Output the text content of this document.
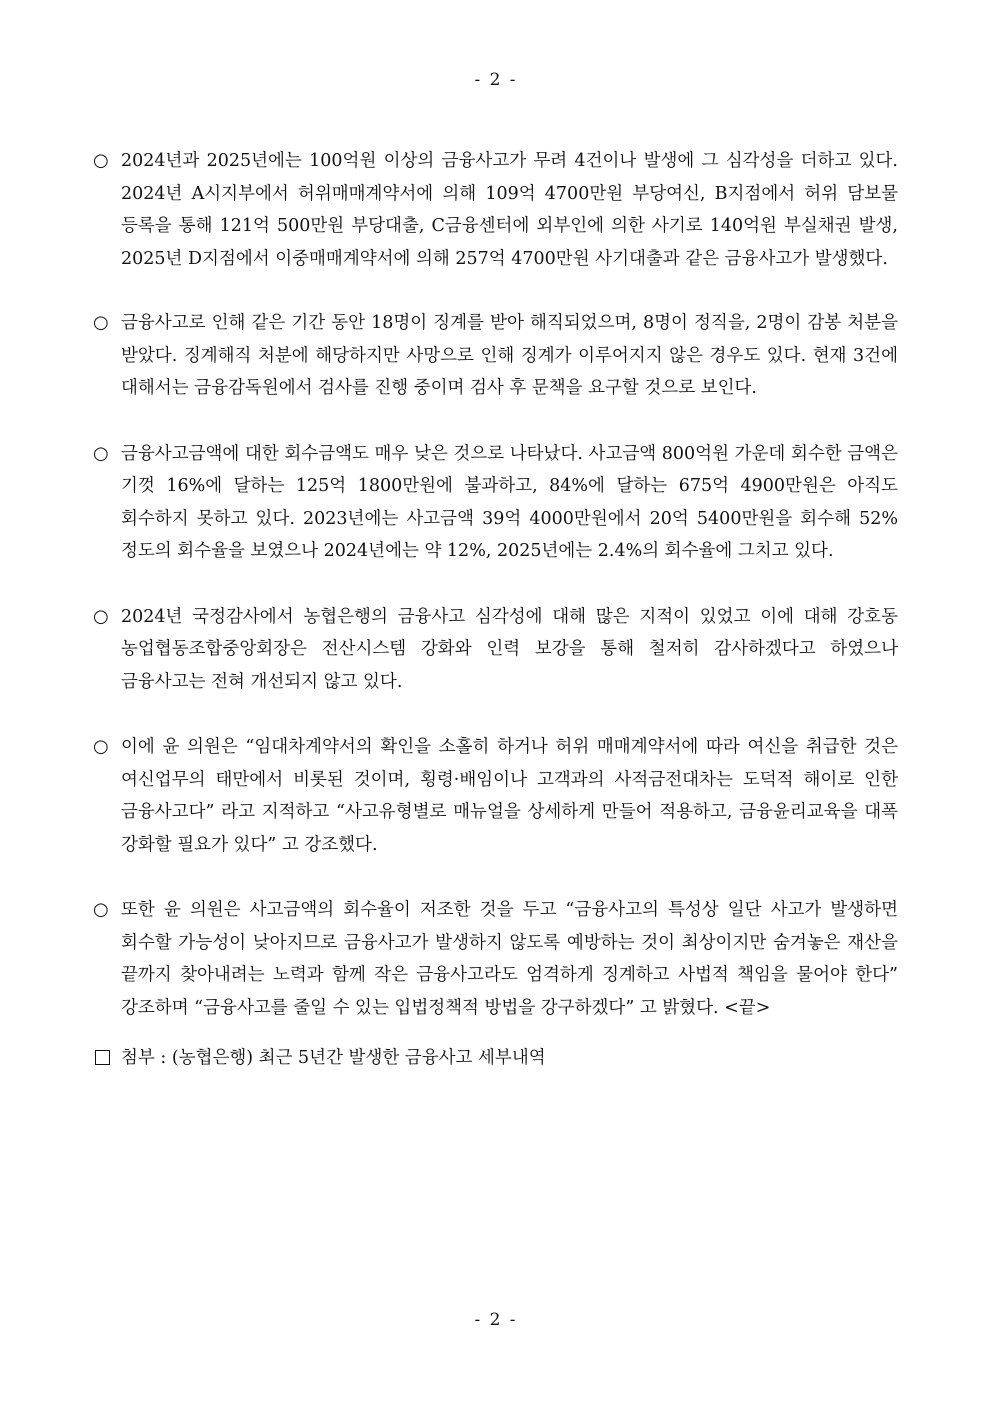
- 2 -

○ 2024년과 2025년에는 100억원 이상의 금융사고가 무려 4건이나 발생에 그 심각성을 더하고 있다. 2024년 A시지부에서 허위매매계약서에 의해 109억 4700만원 부당여신, B지점에서 허위 담보물 등록을 통해 121억 500만원 부당대출, C금융센터에 외부인에 의한 사기로 140억원 부실채권 발생, 2025년 D지점에서 이중매매계약서에 의해 257억 4700만원 사기대출과 같은 금융사고가 발생했다.

○ 금융사고로 인해 같은 기간 동안 18명이 징계를 받아 해직되었으며, 8명이 정직을, 2명이 감봉 처분을 받았다. 징계해직 처분에 해당하지만 사망으로 인해 징계가 이루어지지 않은 경우도 있다. 현재 3건에 대해서는 금융감독원에서 검사를 진행 중이며 검사 후 문책을 요구할 것으로 보인다.

○ 금융사고금액에 대한 회수금액도 매우 낮은 것으로 나타났다. 사고금액 800억원 가운데 회수한 금액은 기껏 16%에 달하는 125억 1800만원에 불과하고, 84%에 달하는 675억 4900만원은 아직도 회수하지 못하고 있다. 2023년에는 사고금액 39억 4000만원에서 20억 5400만원을 회수해 52% 정도의 회수율을 보였으나 2024년에는 약 12%, 2025년에는 2.4%의 회수율에 그치고 있다.

○ 2024년 국정감사에서 농협은행의 금융사고 심각성에 대해 많은 지적이 있었고 이에 대해 강호동 농업협동조합중앙회장은 전산시스템 강화와 인력 보강을 통해 철저히 감사하겠다고 하였으나 금융사고는 전혀 개선되지 않고 있다.

○ 이에 윤 의원은 “임대차계약서의 확인을 소홀히 하거나 허위 매매계약서에 따라 여신을 취급한 것은 여신업무의 태만에서 비롯된 것이며, 횡령·배임이나 고객과의 사적금전대차는 도덕적 해이로 인한 금융사고다” 라고 지적하고 “사고유형별로 매뉴얼을 상세하게 만들어 적용하고, 금융윤리교육을 대폭 강화할 필요가 있다” 고 강조했다.

○ 또한 윤 의원은 사고금액의 회수율이 저조한 것을 두고 “금융사고의 특성상 일단 사고가 발생하면 회수할 가능성이 낮아지므로 금융사고가 발생하지 않도록 예방하는 것이 최상이지만 숨겨놓은 재산을 끝까지 찾아내려는 노력과 함께 작은 금융사고라도 엄격하게 징계하고 사법적 책임을 물어야 한다” 강조하며 “금융사고를 줄일 수 있는 입법정책적 방법을 강구하겠다” 고 밝혔다. <끝>

첨부 : (농협은행) 최근 5년간 발생한 금융사고 세부내역
- 2 -
